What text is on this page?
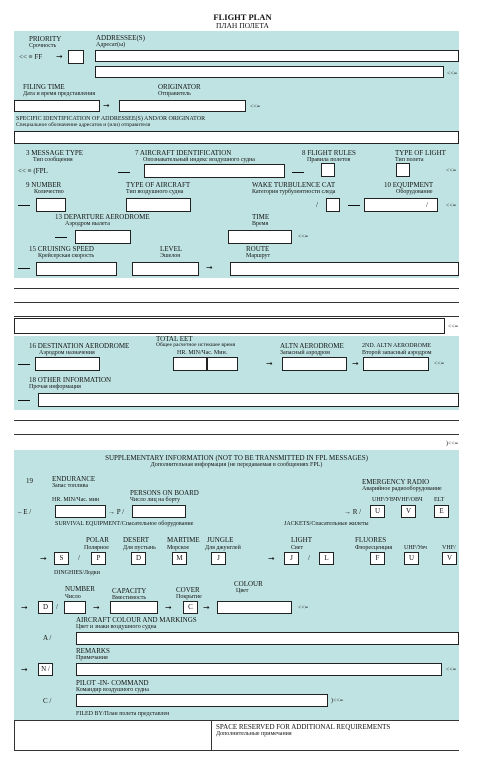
FLIGHT PLAN
ПЛАН ПОЛЕТА
PRIORITY
Срочность
<< ≡ FF ➞
ADDRESSEE(S)
Адресат(ы)
<<≡
FILING TIME
Дата и время представления
➞
ORIGINATOR
Отправитель
<<≡
SPECIFIC IDENTIFICATION OF ADDRESSEE(S) AND/OR ORIGINATOR
Специальное обозначение адресатов и (или) отправителя
3 MESSAGE TYPE
Тип сообщения
<< ≡ (FPL
7 AIRCRAFT IDENTIFICATION
Опознавательный индекс воздушного судна
8 FLIGHT RULES
Правила полетов
TYPE OF LIGHT
Тип полета
<<≡
9 NUMBER
Количество
TYPE OF AIRCRAFT
Тип воздушного судна
WAKE TURBULENCE CAT
Категория турбулентности следа
/
10 EQUIPMENT
Оборудование
/	<<≡
13 DEPARTURE AERODROME
Аэродром вылета
TIME
Время
<<≡
15 CRUISING SPEED
Крейсерская скорость
LEVEL
Эшелон
➞
ROUTE
Маршрут
<<≡
16 DESTINATION AERODROME
Аэродром назначения
TOTAL EET
Общее расчетное истекшее время
HR. MIN/Час. Мин.
➞
ALTN AERODROME
Запасный аэродром
➞
2ND. ALTN AERODROME
Второй запасный аэродром
<<≡
18 OTHER INFORMATION
Прочая информация
)<<≡
SUPPLEMENTARY INFORMATION (NOT TO BE TRANSMITTED IN FPL MESSAGES)
Дополнительная информация (не передаваемая в сообщениях FPL)
19	ENDURANCE
Запас топлива
HR. MIN/Час. мин
– E /	→ P /
PERSONS ON BOARD
Число лиц на борту
EMERGENCY RADIO
Аварийное радиооборудование
UHF/УВЧ VHF/ОВЧ ELT
→ R /	U	V	E
SURVIVAL EQUIPMENT/Спасательное оборудование	JACKETS/Спасательные жилеты
POLAR
Полярное
DESERT
Для пустынь
MARTIME
Морское
JUNGLE
Для джунглей
➞	S	/	P	D	M	J
LIGHT
Свет
FLUORES
Флоресценция UHF/Увч	VHF/
➞	J	/	L	F	U	V
DINGHIES/Лодки
NUMBER
Число
CAPACITY
Вместимость
COVER
Покрытие
COLOUR
Цвет
➞	D	/	➞	➞	C	➞	<<≡
AIRCRAFT COLOUR AND MARKINGS
Цвет и знаки воздушного судна
A /
REMARKS
Примечания
➞	N /	<<≡
PILOT -IN- COMMAND
Командир воздушного судна
C /	)<<≡
FILED BY/План полета представлен
SPACE RESERVED FOR ADDITIONAL REQUIREMENTS
Дополнительные примечания
